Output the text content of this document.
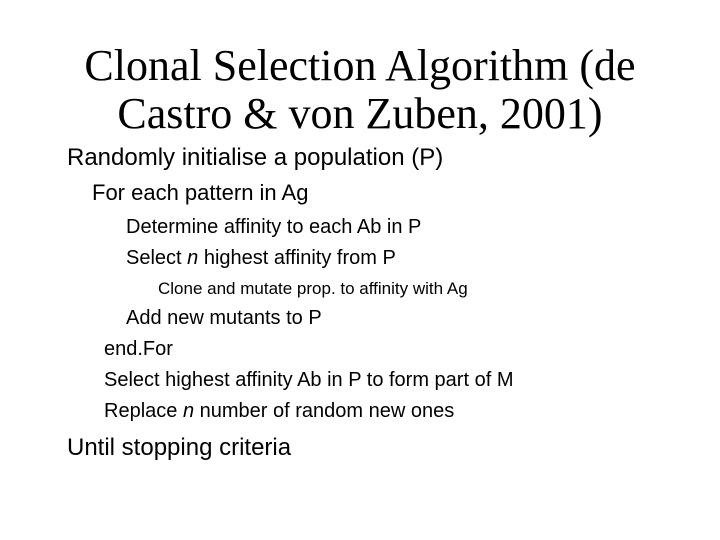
Clonal Selection Algorithm (de
Castro & von Zuben, 2001)

Randomly initialise a population (P)

For each pattern in Ag

Determine affinity to each Ab in P

Select n highest affinity from P

Clone and mutate prop. to affinity with Ag

Add new mutants to P

end.For

Select highest affinity Ab in P to form part of M

Replace n number of random new ones

Until stopping criteria
